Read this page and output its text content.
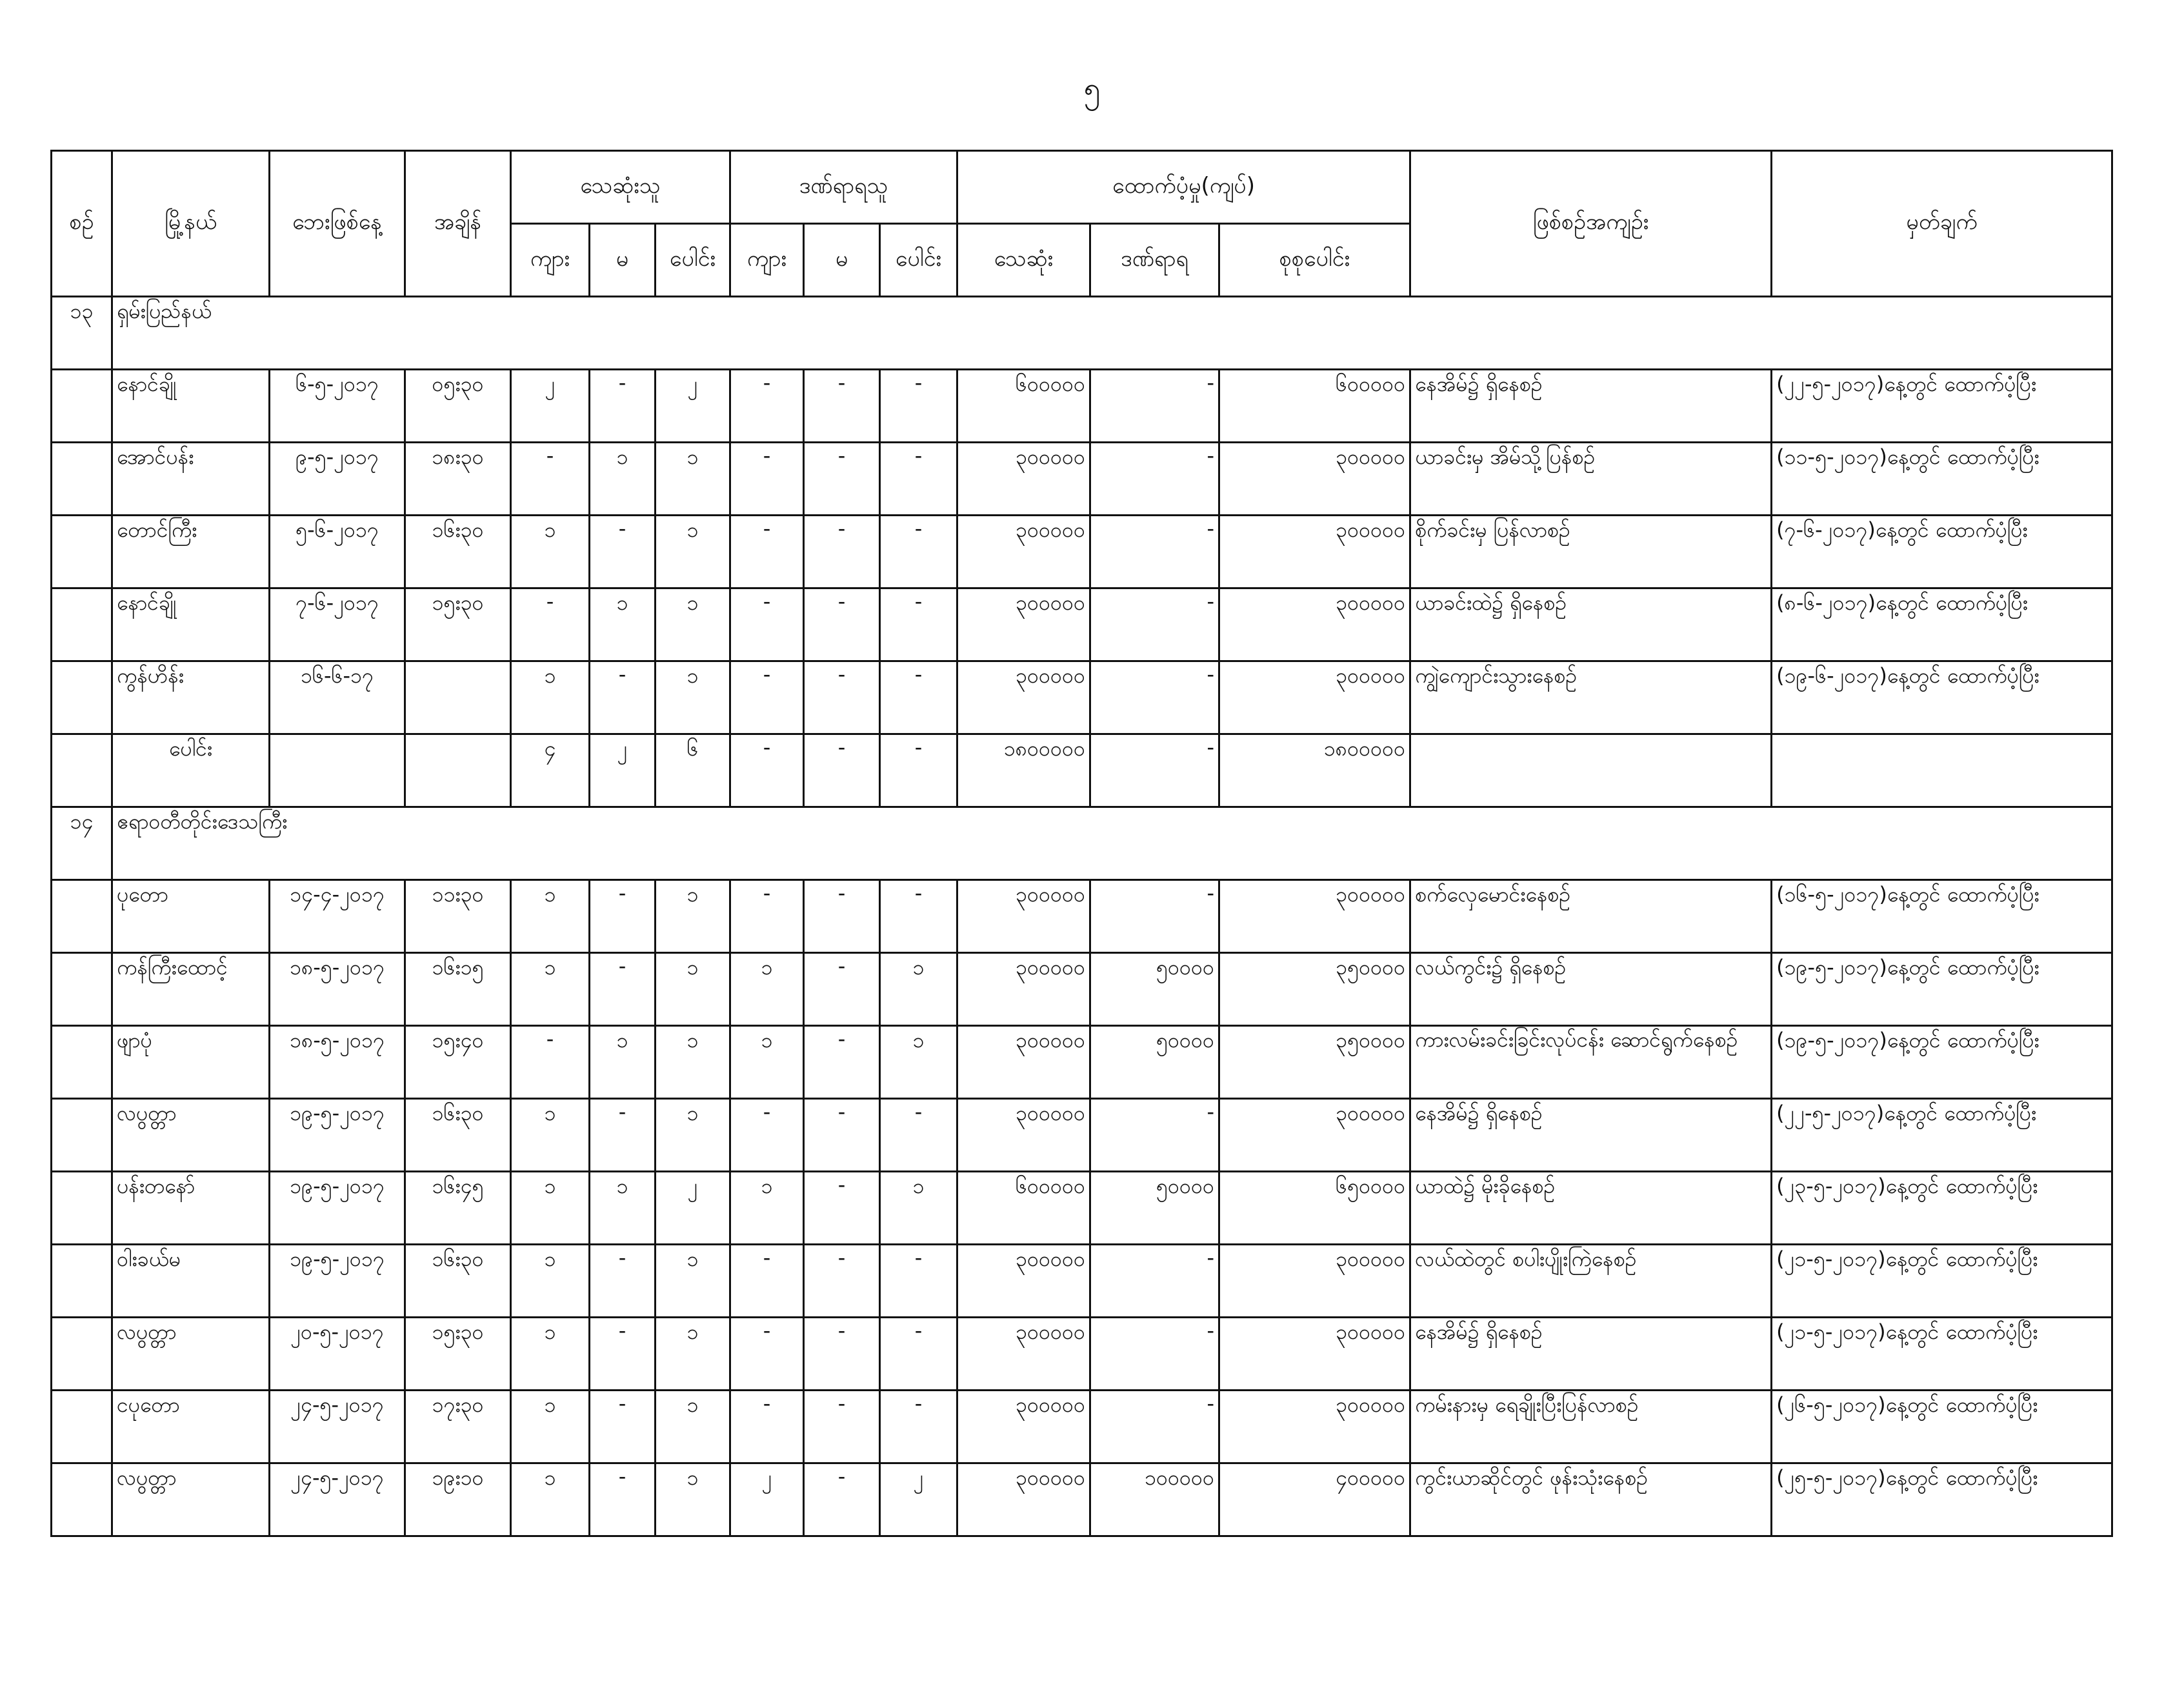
၅
စဥ်	မြို့နယ်	ဘေးဖြစ်နေ့	အချိန်	သေဆုံးသူ			ဒဏ်ရာရသူ			ထောက်ပံ့မှု(ကျပ်)			ဖြစ်စဥ်အကျဥ်း	မှတ်ချက်
				ကျား	မ	ပေါင်း	ကျား	မ	ပေါင်း	သေဆုံး	ဒဏ်ရာရ	စုစုပေါင်း		
၁၃	ရှမ်းပြည်နယ်													
	နောင်ချို	၆-၅-၂၀၁၇	၀၅း၃၀	၂	-	၂	-	-	-	၆၀၀၀၀၀	-	၆၀၀၀၀၀	နေအိမ်၌ ရှိနေစဥ်	(၂၂-၅-၂၀၁၇)နေ့တွင် ထောက်ပံ့ပြီး
	အောင်ပန်း	၉-၅-၂၀၁၇	၁၈း၃၀	-	၁	၁	-	-	-	၃၀၀၀၀၀	-	၃၀၀၀၀၀	ယာခင်းမှ အိမ်သို့ပြန်စဥ်	(၁၁-၅-၂၀၁၇)နေ့တွင် ထောက်ပံ့ပြီး
	တောင်ကြီး	၅-၆-၂၀၁၇	၁၆း၃၀	၁	-	၁	-	-	-	၃၀၀၀၀၀	-	၃၀၀၀၀၀	စိုက်ခင်းမှ ပြန်လာစဥ်	(၇-၆-၂၀၁၇)နေ့တွင် ထောက်ပံ့ပြီး
	နောင်ချို	၇-၆-၂၀၁၇	၁၅း၃၀	-	၁	၁	-	-	-	၃၀၀၀၀၀	-	၃၀၀၀၀၀	ယာခင်းထဲ၌ ရှိနေစဥ်	(၈-၆-၂၀၁၇)နေ့တွင် ထောက်ပံ့ပြီး
	ကွန်ဟိန်း	၁၆-၆-၁၇		၁	-	၁	-	-	-	၃၀၀၀၀၀	-	၃၀၀၀၀၀	ကျွဲကျောင်းသွားနေစဥ်	(၁၉-၆-၂၀၁၇)နေ့တွင် ထောက်ပံ့ပြီး
	ပေါင်း			၄	၂	၆	-	-	-	၁၈၀၀၀၀၀	-	၁၈၀၀၀၀၀		
၁၄	ဧရာဝတီတိုင်းဒေသကြီး													
	ပုတော	၁၄-၄-၂၀၁၇	၁၁း၃၀	၁	-	၁	-	-	-	၃၀၀၀၀၀	-	၃၀၀၀၀၀	စက်လှေမောင်းနေစဥ်	(၁၆-၅-၂၀၁၇)နေ့တွင် ထောက်ပံ့ပြီး
	ကန်ကြီးထောင့်	၁၈-၅-၂၀၁၇	၁၆း၁၅	၁	-	၁	၁	-	၁	၃၀၀၀၀၀	၅၀၀၀၀	၃၅၀၀၀၀	လယ်ကွင်း၌ ရှိနေစဥ်	(၁၉-၅-၂၀၁၇)နေ့တွင် ထောက်ပံ့ပြီး
	ဖျာပုံ	၁၈-၅-၂၀၁၇	၁၅း၄၀	-	၁	၁	၁	-	၁	၃၀၀၀၀၀	၅၀၀၀၀	၃၅၀၀၀၀	ကားလမ်းခင်းခြင်းလုပ်ငန်း ဆောင်ရွက်နေစဥ်	(၁၉-၅-၂၀၁၇)နေ့တွင် ထောက်ပံ့ပြီး
	လပွတ္တာ	၁၉-၅-၂၀၁၇	၁၆း၃၀	၁	-	၁	-	-	-	၃၀၀၀၀၀	-	၃၀၀၀၀၀	နေအိမ်၌ ရှိနေစဥ်	(၂၂-၅-၂၀၁၇)နေ့တွင် ထောက်ပံ့ပြီး
	ပန်းတနော်	၁၉-၅-၂၀၁၇	၁၆း၄၅	၁	၁	၂	၁	-	၁	၆၀၀၀၀၀	၅၀၀၀၀	၆၅၀၀၀၀	ယာထဲ၌ မိုးခိုနေစဥ်	(၂၃-၅-၂၀၁၇)နေ့တွင် ထောက်ပံ့ပြီး
	ဝါးခယ်မ	၁၉-၅-၂၀၁၇	၁၆း၃၀	၁	-	၁	-	-	-	၃၀၀၀၀၀	-	၃၀၀၀၀၀	လယ်ထဲတွင် စပါးပျိုးကြဲနေစဥ်	(၂၁-၅-၂၀၁၇)နေ့တွင် ထောက်ပံ့ပြီး
	လပွတ္တာ	၂၀-၅-၂၀၁၇	၁၅း၃၀	၁	-	၁	-	-	-	၃၀၀၀၀၀	-	၃၀၀၀၀၀	နေအိမ်၌ ရှိနေစဥ်	(၂၁-၅-၂၀၁၇)နေ့တွင် ထောက်ပံ့ပြီး
	ငပုတော	၂၄-၅-၂၀၁၇	၁၇း၃၀	၁	-	၁	-	-	-	၃၀၀၀၀၀	-	၃၀၀၀၀၀	ကမ်းနားမှ ရေချိုးပြီးပြန်လာစဥ်	(၂၆-၅-၂၀၁၇)နေ့တွင် ထောက်ပံ့ပြီး
	လပွတ္တာ	၂၄-၅-၂၀၁၇	၁၉း၁၀	၁	-	၁	၂	-	၂	၃၀၀၀၀၀	၁၀၀၀၀၀	၄၀၀၀၀၀	ကွင်းယာဆိုင်တွင် ဖုန်းသုံးနေစဥ်	(၂၅-၅-၂၀၁၇)နေ့တွင် ထောက်ပံ့ပြီး
